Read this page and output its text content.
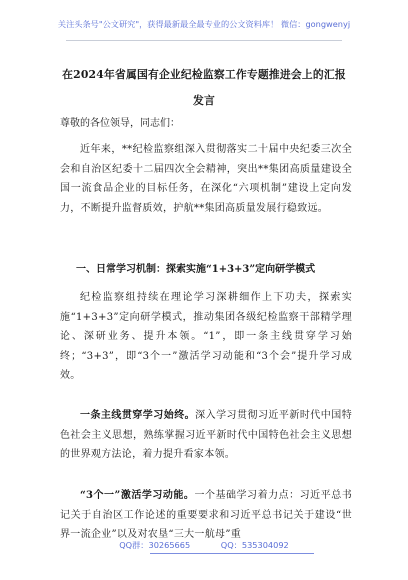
关注头条号"公文研究"，获得最新最全最专业的公文资料库！ 微信：gongwenyj
在2024年省属国有企业纪检监察工作专题推进会上的汇报
发言
尊敬的各位领导，同志们：
近年来，**纪检监察组深入贯彻落实二十届中央纪委三次全会和自治区纪委十二届四次全会精神，突出**集团高质量建设全国一流食品企业的目标任务，在深化“六项机制”建设上定向发力，不断提升监督质效，护航**集团高质量发展行稳致远。
一、日常学习机制：探索实施“1+3+3”定向研学模式
纪检监察组持续在理论学习深耕细作上下功夫，探索实施“1+3+3”定向研学模式，推动集团各级纪检监察干部精学理论、深研业务、提升本领。“1”，即一条主线贯穿学习始终；“3+3”，即“3个一”激活学习动能和“3个会”提升学习成效。
一条主线贯穿学习始终。深入学习贯彻习近平新时代中国特色社会主义思想，熟练掌握习近平新时代中国特色社会主义思想的世界观方法论，着力提升看家本领。
“3个一”激活学习动能。一个基础学习着力点：习近平总书记关于自治区工作论述的重要要求和习近平总书记关于建设“世界一流企业”以及对农垦“三大一航母”重
QQ群：30265665	QQ：535304092
